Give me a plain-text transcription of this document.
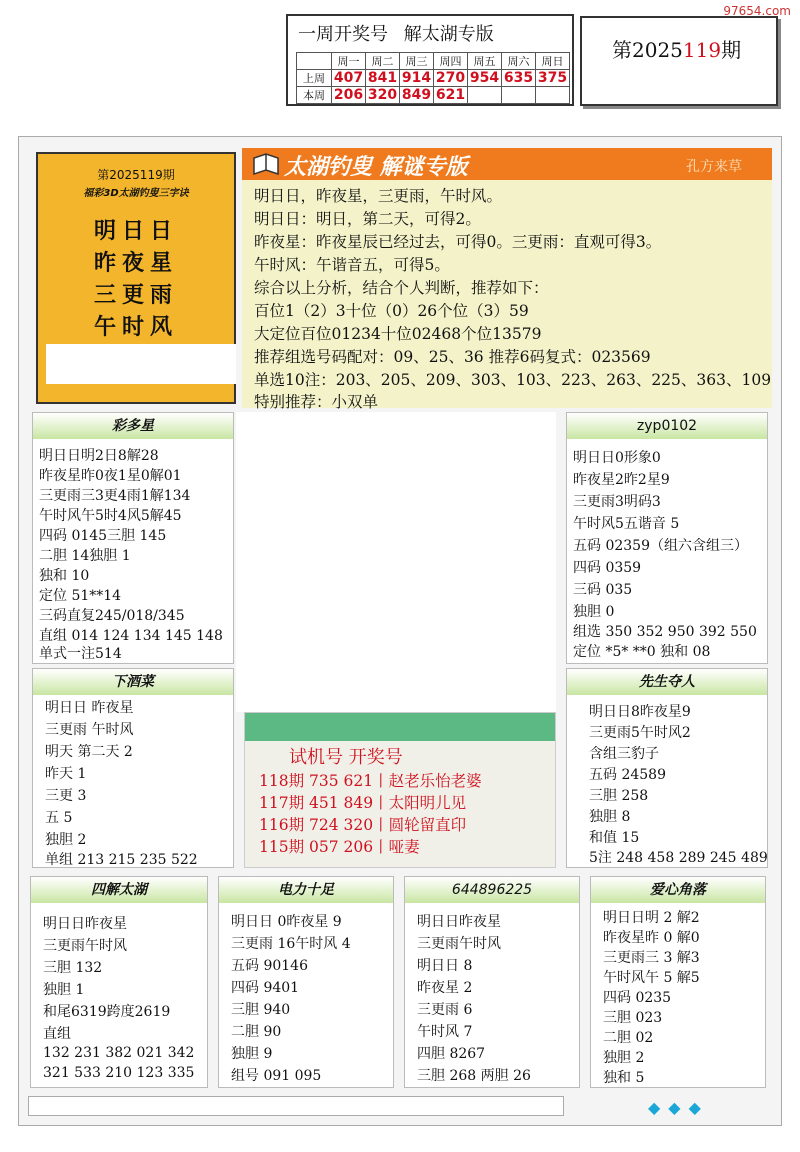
97654.com
一周开奖号 解太湖专版
	周一	周二	周三	周四	周五	周六	周日
上周	407	841	914	270	954	635	375
本周	206	320	849	621			
第2025119期
第2025119期
福彩3D太湖钓叟三字诀
明日日
昨夜星
三更雨
午时风
太湖钓叟 解谜专版	孔方来草
明日日，昨夜星，三更雨，午时风。
明日日：明日，第二天，可得2。
昨夜星：昨夜星辰已经过去，可得0。三更雨：直观可得3。
午时风：午谐音五，可得5。
综合以上分析，结合个人判断，推荐如下：
百位1（2）3十位（0）26个位（3）59
大定位百位01234十位02468个位13579
推荐组选号码配对：09、25、36 推荐6码复式：023569
单选10注：203、205、209、303、103、223、263、225、363、109
特别推荐：小双单
彩多星
明日日明2日8解28
昨夜星昨0夜1星0解01
三更雨三3更4雨1解134
午时风午5时4风5解45
四码 0145三胆 145
二胆 14独胆 1
独和 10
定位 51**14
三码直复245/018/345
直组 014 124 134 145 148
单式一注514
下酒菜
明日日 昨夜星
三更雨 午时风
明天 第二天 2
昨天 1
三更 3
五 5
独胆 2
单组 213 215 235 522
试机号 开奖号
118期 735 621丨赵老乐怡老婆
117期 451 849丨太阳明儿见
116期 724 320丨圆轮留直印
115期 057 206丨哑妻
zyp0102
明日日0形象0
昨夜星2昨2星9
三更雨3明码3
午时风5五谐音 5
五码 02359（组六含组三）
四码 0359
三码 035
独胆 0
组选 350 352 950 392 550
定位 *5* **0 独和 08
先生夺人
明日日8昨夜星9
三更雨5午时风2
含组三豹子
五码 24589
三胆 258
独胆 8
和值 15
5注 248 458 289 245 489
四解太湖
明日日昨夜星
三更雨午时风
三胆 132
独胆 1
和尾6319跨度2619
直组
132 231 382 021 342
321 533 210 123 335
电力十足
明日日 0昨夜星 9
三更雨 16午时风 4
五码 90146
四码 9401
三胆 940
二胆 90
独胆 9
组号 091 095
644896225
明日日昨夜星
三更雨午时风
明日日 8
昨夜星 2
三更雨 6
午时风 7
四胆 8267
三胆 268 两胆 26
爱心角落
明日日明 2 解2
昨夜星昨 0 解0
三更雨三 3 解3
午时风午 5 解5
四码 0235
三胆 023
二胆 02
独胆 2
独和 5
◆◆◆
